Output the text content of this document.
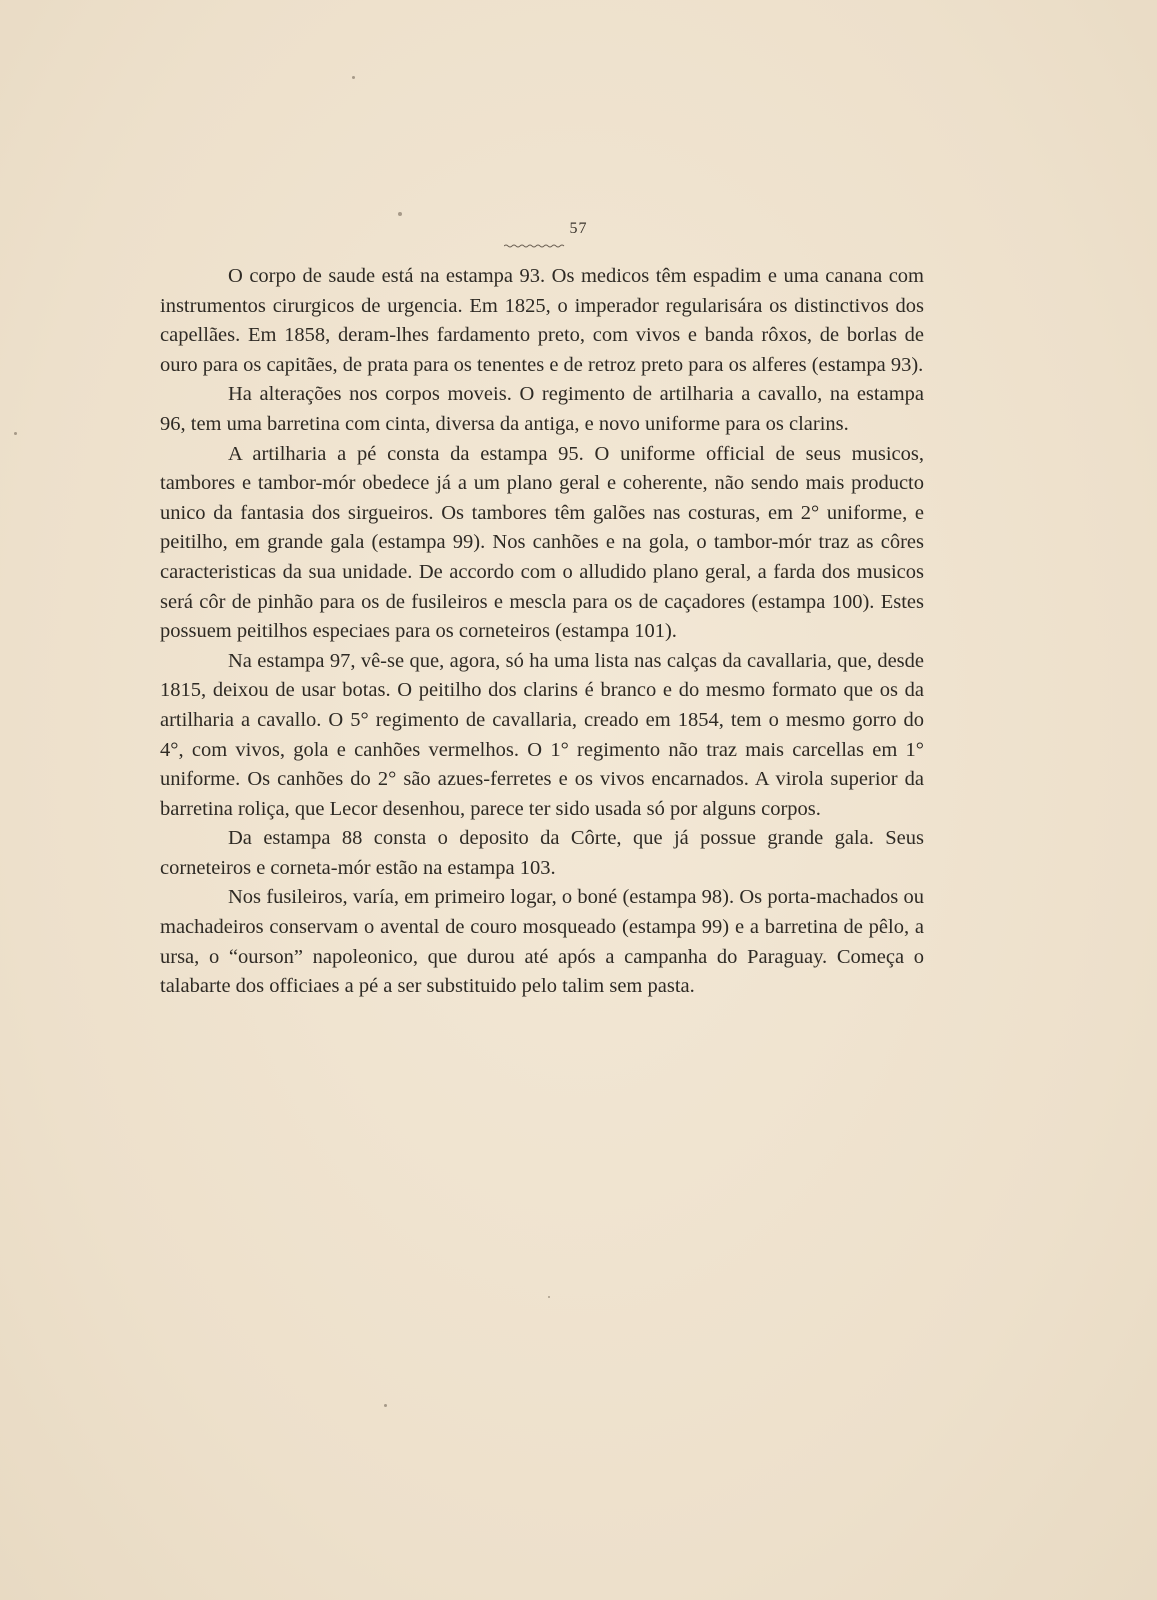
57

O corpo de saude está na estampa 93. Os medicos têm espadim e uma canana com instrumentos cirurgicos de urgencia. Em 1825, o imperador regularisára os distinctivos dos capellães. Em 1858, deram-lhes fardamento preto, com vivos e banda rôxos, de borlas de ouro para os capitães, de prata para os tenentes e de retroz preto para os alferes (estampa 93).

Ha alterações nos corpos moveis. O regimento de artilharia a cavallo, na estampa 96, tem uma barretina com cinta, diversa da antiga, e novo uniforme para os clarins.

A artilharia a pé consta da estampa 95. O uniforme official de seus musicos, tambores e tambor-mór obedece já a um plano geral e coherente, não sendo mais producto unico da fantasia dos sirgueiros. Os tambores têm galões nas costuras, em 2° uniforme, e peitilho, em grande gala (estampa 99). Nos canhões e na gola, o tambor-mór traz as côres caracteristicas da sua unidade. De accordo com o alludido plano geral, a farda dos musicos será côr de pinhão para os de fusileiros e mescla para os de caçadores (estampa 100). Estes possuem peitilhos especiaes para os corneteiros (estampa 101).

Na estampa 97, vê-se que, agora, só ha uma lista nas calças da cavallaria, que, desde 1815, deixou de usar botas. O peitilho dos clarins é branco e do mesmo formato que os da artilharia a cavallo. O 5° regimento de cavallaria, creado em 1854, tem o mesmo gorro do 4°, com vivos, gola e canhões vermelhos. O 1° regimento não traz mais carcellas em 1° uniforme. Os canhões do 2° são azues-ferretes e os vivos encarnados. A virola superior da barretina roliça, que Lecor desenhou, parece ter sido usada só por alguns corpos.

Da estampa 88 consta o deposito da Côrte, que já possue grande gala. Seus corneteiros e corneta-mór estão na estampa 103.

Nos fusileiros, varía, em primeiro logar, o boné (estampa 98). Os porta-machados ou machadeiros conservam o avental de couro mosqueado (estampa 99) e a barretina de pêlo, a ursa, o “ourson” napoleonico, que durou até após a campanha do Paraguay. Começa o talabarte dos officiaes a pé a ser substituido pelo talim sem pasta.
